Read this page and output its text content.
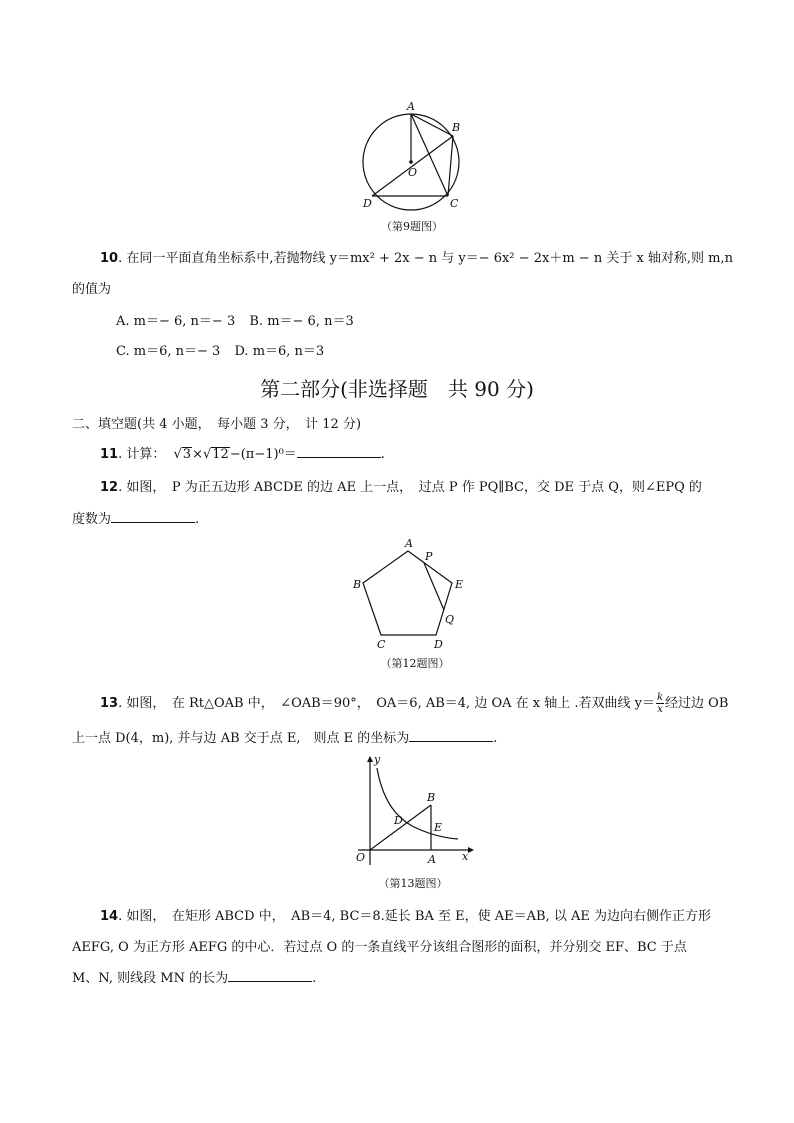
A
B
O
D	C
（第9题图）
10. 在同一平面直角坐标系中,若抛物线 y＝mx² + 2x − n 与 y＝− 6x² − 2x＋m − n 关于 x 轴对称,则 m,n
的值为
A. m＝− 6, n＝− 3 B. m＝− 6, n＝3
C. m＝6, n＝− 3 D. m＝6, n＝3
第二部分(非选择题　共 90 分)
二、填空题(共 4 小题，　每小题 3 分，　计 12 分)
11. 计算： √3×√12−(π−1)⁰＝	.
12. 如图，　P 为正五边形 ABCDE 的边 AE 上一点，　过点 P 作 PQ∥BC，交 DE 于点 Q，则∠EPQ 的
度数为	.
A
P
B	E
Q
C	D
（第12题图）
13. 如图，　在 Rt△OAB 中，　∠OAB＝90°，　OA＝6, AB＝4, 边 OA 在 x 轴上 .若双曲线 $y= \frac{k}{x}$ 经过边 OB
上一点 D(4，m), 并与边 AB 交于点 E,　则点 E 的坐标为	.
y
x
O	A
B
D
E
（第13题图）
14. 如图，　在矩形 ABCD 中，　AB＝4, BC＝8.延长 BA 至 E，使 AE＝AB, 以 AE 为边向右侧作正方形
AEFG, O 为正方形 AEFG 的中心．若过点 O 的一条直线平分该组合图形的面积，并分别交 EF、BC 于点
M、N, 则线段 MN 的长为	.
